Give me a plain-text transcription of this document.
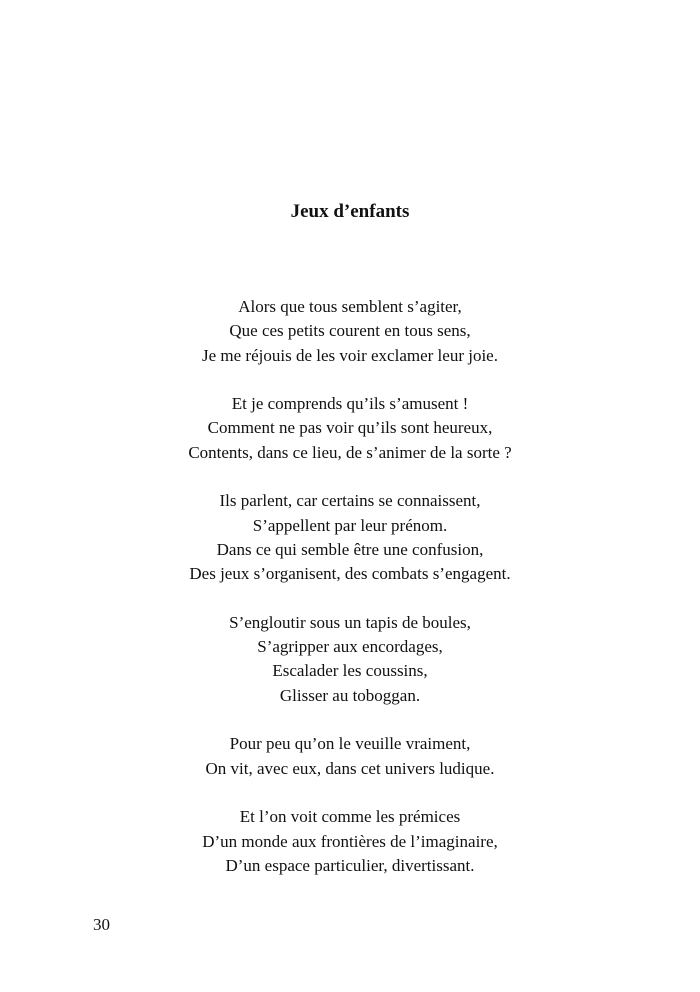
Jeux d’enfants
Alors que tous semblent s’agiter,
Que ces petits courent en tous sens,
Je me réjouis de les voir exclamer leur joie.
Et je comprends qu’ils s’amusent !
Comment ne pas voir qu’ils sont heureux,
Contents, dans ce lieu, de s’animer de la sorte ?
Ils parlent, car certains se connaissent,
S’appellent par leur prénom.
Dans ce qui semble être une confusion,
Des jeux s’organisent, des combats s’engagent.
S’engloutir sous un tapis de boules,
S’agripper aux encordages,
Escalader les coussins,
Glisser au toboggan.
Pour peu qu’on le veuille vraiment,
On vit, avec eux, dans cet univers ludique.
Et l’on voit comme les prémices
D’un monde aux frontières de l’imaginaire,
D’un espace particulier, divertissant.
30
